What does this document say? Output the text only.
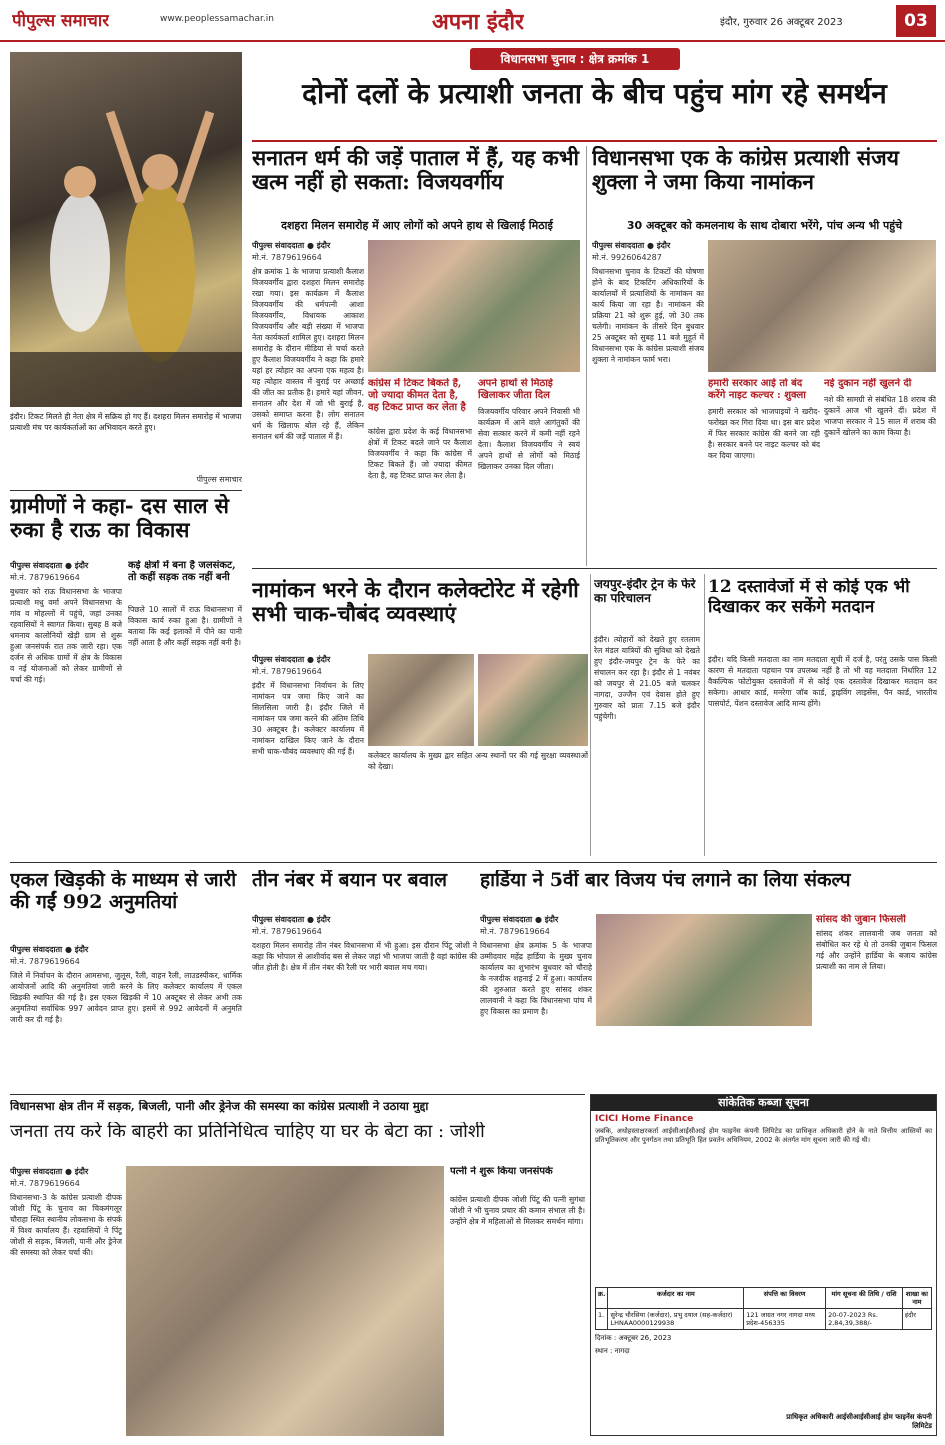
पीपुल्स समाचार	www.peoplessamachar.in	अपना इंदौर	इंदौर, गुरुवार 26 अक्टूबर 2023	03
इंदौर। टिकट मिलते ही नेता क्षेत्र में सक्रिय हो गए हैं। दशहरा मिलन समारोह में भाजपा प्रत्याशी मंच पर कार्यकर्ताओं का अभिवादन करते हुए।
पीपुल्स समाचार
विधानसभा चुनाव : क्षेत्र क्रमांक 1
दोनों दलों के प्रत्याशी जनता के बीच पहुंच मांग रहे समर्थन
सनातन धर्म की जड़ें पाताल में हैं, यह कभी खत्म नहीं हो सकता: विजयवर्गीय
दशहरा मिलन समारोह में आए लोगों को अपने हाथ से खिलाई मिठाई
पीपुल्स संवाददाता ● इंदौर
मो.नं. 7879619664
क्षेत्र क्रमांक 1 के भाजपा प्रत्याशी कैलाश विजयवर्गीय द्वारा दशहरा मिलन समारोह रखा गया। इस कार्यक्रम में कैलाश विजयवर्गीय की धर्मपत्नी आशा विजयवर्गीय, विधायक आकाश विजयवर्गीय और बड़ी संख्या में भाजपा नेता कार्यकर्ता शामिल हुए। दशहरा मिलन समारोह के दौरान मीडिया से चर्चा करते हुए कैलाश विजयवर्गीय ने कहा कि हमारे यहां हर त्योहार का अपना एक महत्व है। यह त्योहार वास्तव में बुराई पर अच्छाई की जीत का प्रतीक है। हमारे यहां जीवन, सनातन और देश में जो भी बुराई है, उसको समाप्त करना है। लोग सनातन धर्म के खिलाफ बोल रहे हैं, लेकिन सनातन धर्म की जड़ें पाताल में हैं।
कांग्रेस में टिकट बिकते हैं, जो ज्यादा कीमत देता है, वह टिकट प्राप्त कर लेता है
कांग्रेस द्वारा प्रदेश के कई विधानसभा क्षेत्रों में टिकट बदले जाने पर कैलाश विजयवर्गीय ने कहा कि कांग्रेस में टिकट बिकते हैं। जो ज्यादा कीमत देता है, वह टिकट प्राप्त कर लेता है।
अपने हाथों से मिठाई खिलाकर जीता दिल
विजयवर्गीय परिवार अपने निवासी भी कार्यक्रम में आने वाले आगंतुकों की सेवा सत्कार करने में कमी नहीं रहने देता। कैलाश विजयवर्गीय ने स्वयं अपने हाथों से लोगों को मिठाई खिलाकर उनका दिल जीता।
विधानसभा एक के कांग्रेस प्रत्याशी संजय शुक्ला ने जमा किया नामांकन
30 अक्टूबर को कमलनाथ के साथ दोबारा भरेंगे, पांच अन्य भी पहुंचे
पीपुल्स संवाददाता ● इंदौर
मो.नं. 9926064287
विधानसभा चुनाव के टिकटों की घोषणा होने के बाद टिकटिंग अधिकारियों के कार्यालयों में प्रत्याशियों के नामांकन का कार्य किया जा रहा है। नामांकन की प्रक्रिया 21 को शुरू हुई, जो 30 तक चलेगी। नामांकन के तीसरे दिन बुधवार 25 अक्टूबर को सुबह 11 बजे मुहूर्त में विधानसभा एक के कांग्रेस प्रत्याशी संजय शुक्ला ने नामांकन फार्म भरा।
हमारी सरकार आई तो बंद करेंगे नाइट कल्चर : शुक्ला
हमारी सरकार को भाजपाइयों ने खरीद-फरोख्त कर गिरा दिया था। इस बार प्रदेश में फिर सरकार कांग्रेस की बनने जा रही है। सरकार बनने पर नाइट कल्चर को बंद कर दिया जाएगा।
नई दुकान नहीं खुलने दी
नशे की सामग्री से संबंधित 18 शराब की दुकानें आज भी खुलने दीं। प्रदेश में भाजपा सरकार ने 15 साल में शराब की दुकानें खोलने का काम किया है।
ग्रामीणों ने कहा- दस साल से रुका है राऊ का विकास
पीपुल्स संवाददाता ● इंदौर
मो.नं. 7879619664
बुधवार को राऊ विधानसभा के भाजपा प्रत्याशी मधु वर्मा अपने विधानसभा के गांव व मोहल्लों में पहुंचे, जहां उनका रहवासियों ने स्वागत किया। सुबह 8 बजे धमनाय कालोनियों खेड़ी ग्राम से शुरू हुआ जनसंपर्क रात तक जारी रहा। एक दर्जन से अधिक ग्रामों में क्षेत्र के विकास व नई योजनाओं को लेकर ग्रामीणों से चर्चा की गई।
कई क्षेत्रों में बना है जलसंकट, तो कहीं सड़क तक नहीं बनी
पिछले 10 सालों में राऊ विधानसभा में विकास कार्य रुका हुआ है। ग्रामीणों ने बताया कि कई इलाकों में पीने का पानी नहीं आता है और कहीं सड़क नहीं बनी है।
नामांकन भरने के दौरान कलेक्टोरेट में रहेगी सभी चाक-चौबंद व्यवस्थाएं
पीपुल्स संवाददाता ● इंदौर
मो.नं. 7879619664
इंदौर में विधानसभा निर्वाचन के लिए नामांकन पत्र जमा किए जाने का सिलसिला जारी है। इंदौर जिले में नामांकन पत्र जमा करने की अंतिम तिथि 30 अक्टूबर है। कलेक्टर कार्यालय में नामांकन दाखिल किए जाने के दौरान सभी चाक-चौबंद व्यवस्थाएं की गई हैं।	कलेक्टर कार्यालय के मुख्य द्वार सहित अन्य स्थानों पर की गई सुरक्षा व्यवस्थाओं को देखा।
जयपुर-इंदौर ट्रेन के फेरे का परिचालन
इंदौर। त्योहारों को देखते हुए रतलाम रेल मंडल यात्रियों की सुविधा को देखते हुए इंदौर-जयपुर ट्रेन के फेरे का संचालन कर रहा है। इंदौर से 1 नवंबर को जयपुर से 21.05 बजे चलकर नागदा, उज्जैन एवं देवास होते हुए गुरुवार को प्रातः 7.15 बजे इंदौर पहुंचेगी।
12 दस्तावेजों में से कोई एक भी दिखाकर कर सकेंगे मतदान
इंदौर। यदि किसी मतदाता का नाम मतदाता सूची में दर्ज है, परंतु उसके पास किसी कारण से मतदाता पहचान पत्र उपलब्ध नहीं है तो भी वह मतदाता निर्धारित 12 वैकल्पिक फोटोयुक्त दस्तावेजों में से कोई एक दस्तावेज दिखाकर मतदान कर सकेगा। आधार कार्ड, मनरेगा जॉब कार्ड, ड्राइविंग लाइसेंस, पैन कार्ड, भारतीय पासपोर्ट, पेंशन दस्तावेज आदि मान्य होंगे।
एकल खिड़की के माध्यम से जारी की गईं 992 अनुमतियां
पीपुल्स संवाददाता ● इंदौर
मो.नं. 7879619664
जिले में निर्वाचन के दौरान आमसभा, जुलूस, रैली, वाहन रैली, लाउडस्पीकर, धार्मिक आयोजनों आदि की अनुमतियां जारी करने के लिए कलेक्टर कार्यालय में एकल खिड़की स्थापित की गई है। इस एकल खिड़की में 10 अक्टूबर से लेकर अभी तक अनुमतियां सर्वाधिक 997 आवेदन प्राप्त हुए। इसमें से 992 आवेदनों में अनुमति जारी कर दी गई है।
तीन नंबर में बयान पर बवाल
पीपुल्स संवाददाता ● इंदौर
मो.नं. 7879619664
दशहरा मिलन समारोह तीन नंबर विधानसभा में भी हुआ। इस दौरान पिंटू जोशी ने कहा कि भोपाल से आशीर्वाद बस से लेकर जहां भी भाजपा जाती है वहां कांग्रेस की जीत होती है। क्षेत्र में तीन नंबर की रैली पर भारी बवाल मच गया।
हार्डिया ने 5वीं बार विजय पंच लगाने का लिया संकल्प
पीपुल्स संवाददाता ● इंदौर
मो.नं. 7879619664
विधानसभा क्षेत्र क्रमांक 5 के भाजपा उम्मीदवार महेंद्र हार्डिया के मुख्य चुनाव कार्यालय का शुभारंभ बुधवार को चौराहे के नजदीक शहनाई 2 में हुआ। कार्यालय की शुरुआत करते हुए सांसद शंकर लालवानी ने कहा कि विधानसभा पांच में हुए विकास का प्रमाण है।
सांसद की जुबान फिसली
सांसद शंकर लालवानी जब जनता को संबोधित कर रहे थे तो उनकी जुबान फिसल गई और उन्होंने हार्डिया के बजाय कांग्रेस प्रत्याशी का नाम ले लिया।
विधानसभा क्षेत्र तीन में सड़क, बिजली, पानी और ड्रेनेज की समस्या का कांग्रेस प्रत्याशी ने उठाया मुद्दा
जनता तय करे कि बाहरी का प्रतिनिधित्व चाहिए या घर के बेटा का : जोशी
पीपुल्स संवाददाता ● इंदौर
मो.नं. 7879619664
विधानसभा-3 के कांग्रेस प्रत्याशी दीपक जोशी पिंटू के चुनाव का चिकमंगलूर चौराहा स्थित स्थानीय लोकसभा के संपर्क में विश्व कार्यालय हैं। रहवासियों ने पिंटू जोशी से सड़क, बिजली, पानी और ड्रेनेज की समस्या को लेकर चर्चा की।
पत्नी ने शुरू किया जनसंपर्क
कांग्रेस प्रत्याशी दीपक जोशी पिंटू की पत्नी सुगंधा जोशी ने भी चुनाव प्रचार की कमान संभाल ली है। उन्होंने क्षेत्र में महिलाओं से मिलकर समर्थन मांगा।
सांकेतिक कब्जा सूचना
ICICI Home Finance
जबकि, अधोहस्ताक्षरकर्ता आईसीआईसीआई होम फाइनेंस कंपनी लिमिटेड का प्राधिकृत अधिकारी होने के नाते वित्तीय आस्तियों का प्रतिभूतिकरण और पुनर्गठन तथा प्रतिभूति हित प्रवर्तन अधिनियम, 2002 के अंतर्गत मांग सूचना जारी की गई थी।
क्र.	कर्जदार का नाम	संपत्ति का विवरण	मांग सूचना की तिथि / राशि	शाखा का नाम
1.	सुरेन्द्र चौरसिया (कर्जदार), प्रभु दयाल (सह-कर्जदार) LHNAA0000129938	121 जाग्रत नगर नागदा मध्य प्रदेश-456335	20-07-2023 Rs. 2,84,39,388/-	इंदौर
दिनांक : अक्टूबर 26, 2023
स्थान : नागदा
प्राधिकृत अधिकारी आईसीआईसीआई होम फाइनेंस कंपनी लिमिटेड
